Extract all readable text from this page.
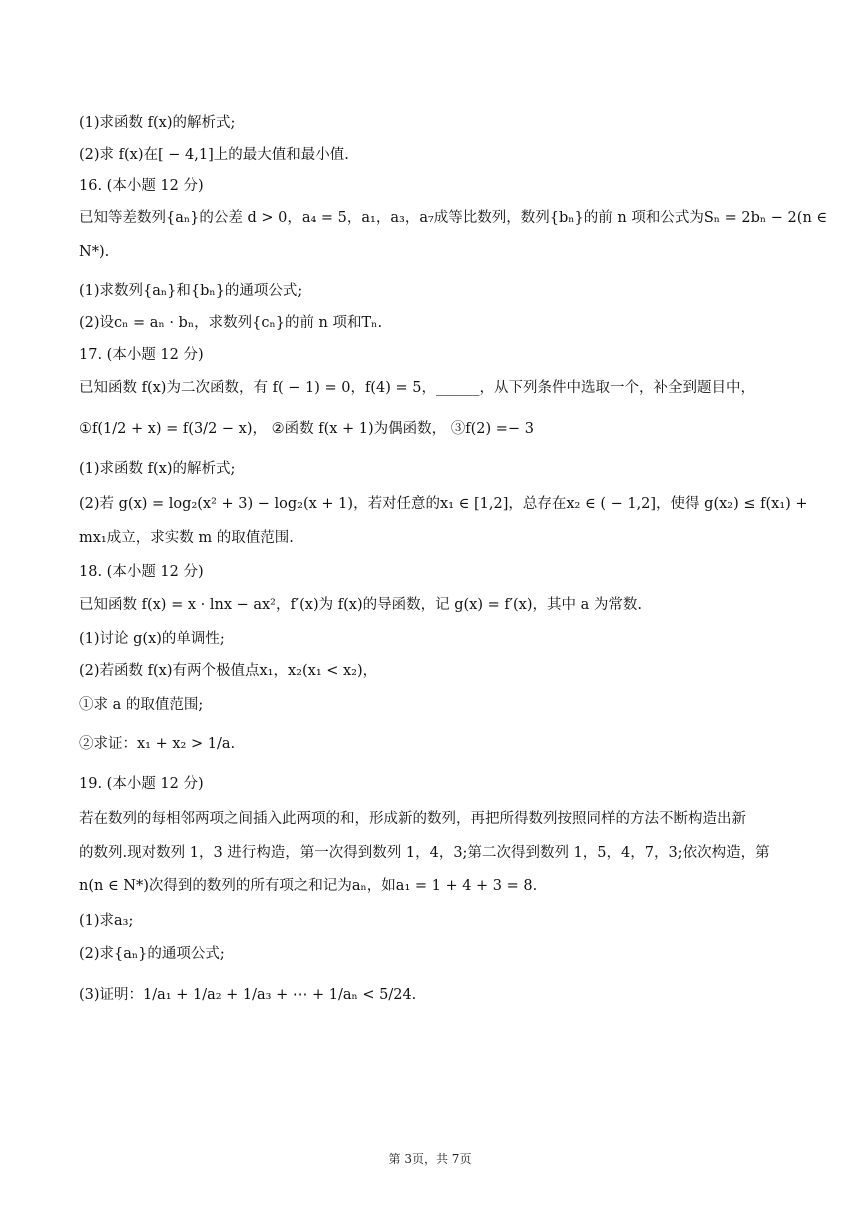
(1)求函数 f(x)的解析式;
(2)求 f(x)在[ − 4,1]上的最大值和最小值.
16. (本小题 12 分)
已知等差数列{aₙ}的公差 d > 0，a₄ = 5，a₁，a₃，a₇成等比数列，数列{bₙ}的前 n 项和公式为Sₙ = 2bₙ − 2(n ∈
N*).
(1)求数列{aₙ}和{bₙ}的通项公式;
(2)设cₙ = aₙ · bₙ，求数列{cₙ}的前 n 项和Tₙ.
17. (本小题 12 分)
已知函数 f(x)为二次函数，有 f( − 1) = 0，f(4) = 5，______，从下列条件中选取一个，补全到题目中，
①f(1/2 + x) = f(3/2 − x)， ②函数 f(x + 1)为偶函数， ③f(2) =− 3
(1)求函数 f(x)的解析式;
(2)若 g(x) = log₂(x² + 3) − log₂(x + 1)，若对任意的x₁ ∈ [1,2]，总存在x₂ ∈ ( − 1,2]，使得 g(x₂) ≤ f(x₁) +
mx₁成立，求实数 m 的取值范围.
18. (本小题 12 分)
已知函数 f(x) = x · lnx − ax²，f′(x)为 f(x)的导函数，记 g(x) = f′(x)，其中 a 为常数.
(1)讨论 g(x)的单调性;
(2)若函数 f(x)有两个极值点x₁，x₂(x₁ < x₂)，
①求 a 的取值范围;
②求证：x₁ + x₂ > 1/a.
19. (本小题 12 分)
若在数列的每相邻两项之间插入此两项的和，形成新的数列，再把所得数列按照同样的方法不断构造出新
的数列.现对数列 1，3 进行构造，第一次得到数列 1，4，3;第二次得到数列 1，5，4，7，3;依次构造，第
n(n ∈ N*)次得到的数列的所有项之和记为aₙ，如a₁ = 1 + 4 + 3 = 8.
(1)求a₃;
(2)求{aₙ}的通项公式;
(3)证明：1/a₁ + 1/a₂ + 1/a₃ + ⋯ + 1/aₙ < 5/24.
第 3页，共 7页
